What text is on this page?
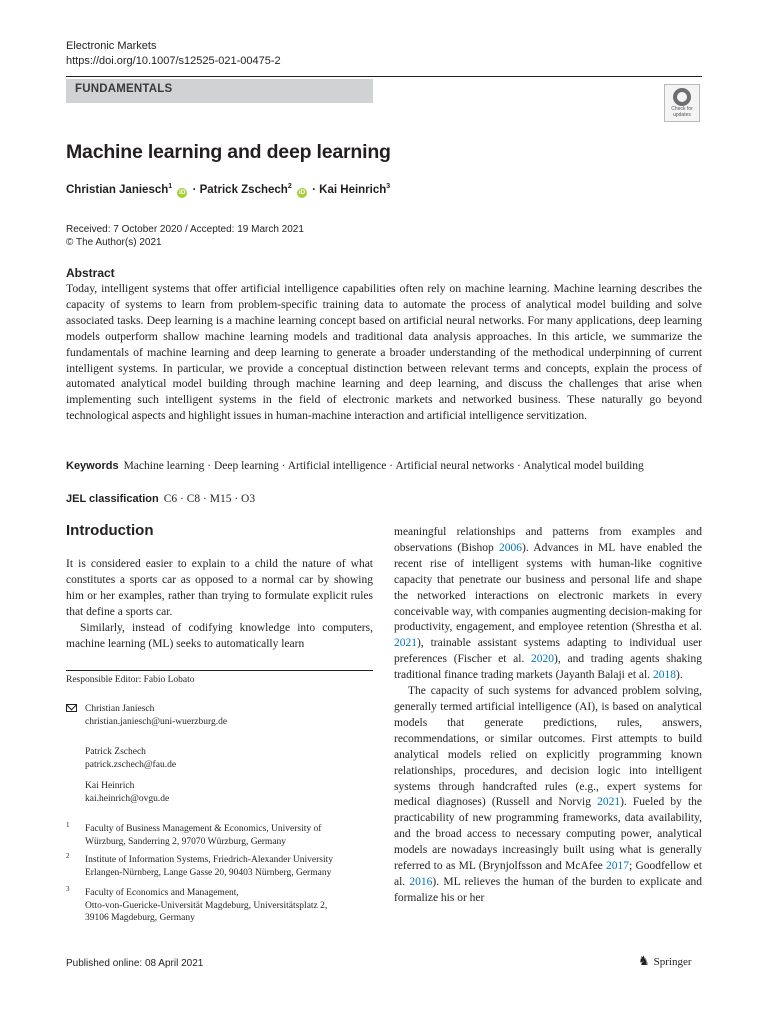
Electronic Markets
https://doi.org/10.1007/s12525-021-00475-2
FUNDAMENTALS
Check for updates
Machine learning and deep learning
Christian Janiesch$^1$ iD · Patrick Zschech$^2$ iD · Kai Heinrich$^3$
Received: 7 October 2020 / Accepted: 19 March 2021
© The Author(s) 2021
Abstract
Today, intelligent systems that offer artificial intelligence capabilities often rely on machine learning. Machine learning describes the capacity of systems to learn from problem-specific training data to automate the process of analytical model building and solve associated tasks. Deep learning is a machine learning concept based on artificial neural networks. For many applications, deep learning models outperform shallow machine learning models and traditional data analysis approaches. In this article, we summarize the fundamentals of machine learning and deep learning to generate a broader understanding of the methodical underpinning of current intelligent systems. In particular, we provide a conceptual distinction between relevant terms and concepts, explain the process of automated analytical model building through machine learning and deep learning, and discuss the challenges that arise when implementing such intelligent systems in the field of electronic markets and networked business. These naturally go beyond technological aspects and highlight issues in human-machine interaction and artificial intelligence servitization.
Keywords Machine learning · Deep learning · Artificial intelligence · Artificial neural networks · Analytical model building
JEL classification C6 · C8 · M15 · O3
Introduction

It is considered easier to explain to a child the nature of what constitutes a sports car as opposed to a normal car by showing him or her examples, rather than trying to formulate explicit rules that define a sports car.

Similarly, instead of codifying knowledge into computers, machine learning (ML) seeks to automatically learn

meaningful relationships and patterns from examples and observations (Bishop 2006). Advances in ML have enabled the recent rise of intelligent systems with human-like cognitive capacity that penetrate our business and personal life and shape the networked interactions on electronic markets in every conceivable way, with companies augmenting decision-making for productivity, engagement, and employee retention (Shrestha et al. 2021), trainable assistant systems adapting to individual user preferences (Fischer et al. 2020), and trading agents shaking traditional finance trading markets (Jayanth Balaji et al. 2018).

The capacity of such systems for advanced problem solving, generally termed artificial intelligence (AI), is based on analytical models that generate predictions, rules, answers, recommendations, or similar outcomes. First attempts to build analytical models relied on explicitly programming known relationships, procedures, and decision logic into intelligent systems through handcrafted rules (e.g., expert systems for medical diagnoses) (Russell and Norvig 2021). Fueled by the practicability of new programming frameworks, data availability, and the broad access to necessary computing power, analytical models are nowadays increasingly built using what is generally referred to as ML (Brynjolfsson and McAfee 2017; Goodfellow et al. 2016). ML relieves the human of the burden to explicate and formalize his or her

Responsible Editor: Fabio Lobato
Christian Janiesch
christian.janiesch@uni-wuerzburg.de
Patrick Zschech
patrick.zschech@fau.de
Kai Heinrich
kai.heinrich@ovgu.de
1 Faculty of Business Management & Economics, University of
Würzburg, Sanderring 2, 97070 Würzburg, Germany
2 Institute of Information Systems, Friedrich-Alexander University
Erlangen-Nürnberg, Lange Gasse 20, 90403 Nürnberg, Germany
3 Faculty of Economics and Management,
Otto-von-Guericke-Universität Magdeburg, Universitätsplatz 2,
39106 Magdeburg, Germany
Published online: 08 April 2021	♞ Springer
